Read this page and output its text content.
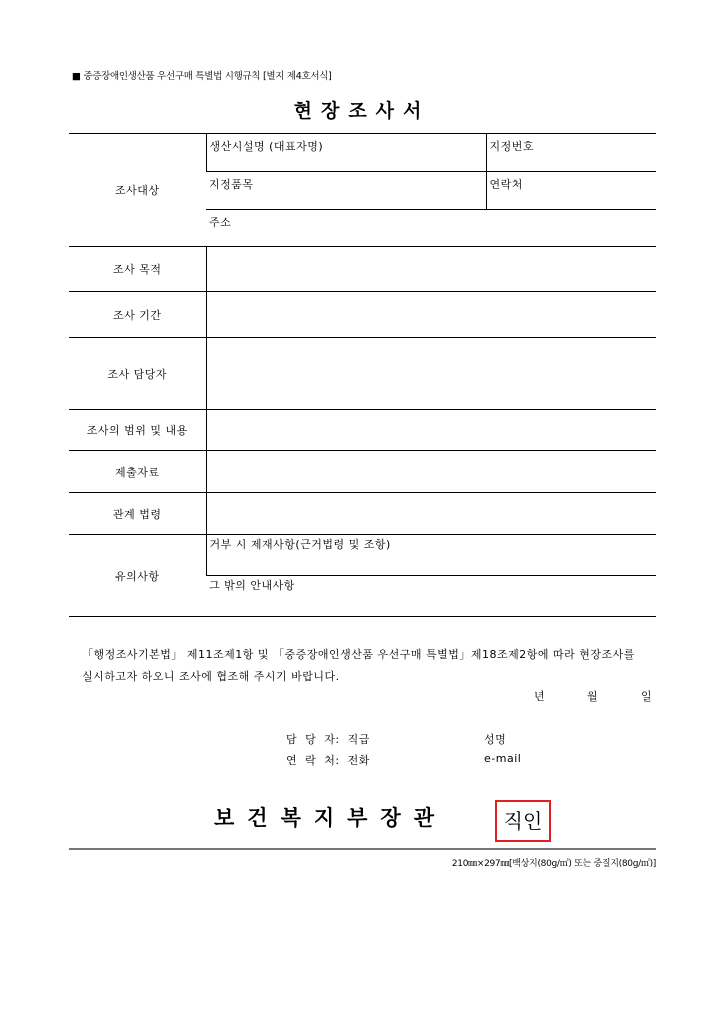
■ 중증장애인생산품 우선구매 특별법 시행규칙 [별지 제4호서식]
현장조사서
조사대상	생산시설명 (대표자명)	지정번호

	지정품목	연락처

	주소	

조사 목적		
조사 기간		
조사 담당자		
조사의 범위 및 내용		
제출자료		
관계 법령		
유의사항	거부 시 제재사항(근거법령 및 조항)	

	그 밖의 안내사항	
「행정조사기본법」 제11조제1항 및 「중증장애인생산품 우선구매 특별법」제18조제2항에 따라 현장조사를 실시하고자 하오니 조사에 협조해 주시기 바랍니다.
년	월	일
담 당 자: 직급	성명
연 락 처: 전화	e-mail
보건복지부장관	직인
210㎜×297㎜[백상지(80g/㎡) 또는 중질지(80g/㎡)]
